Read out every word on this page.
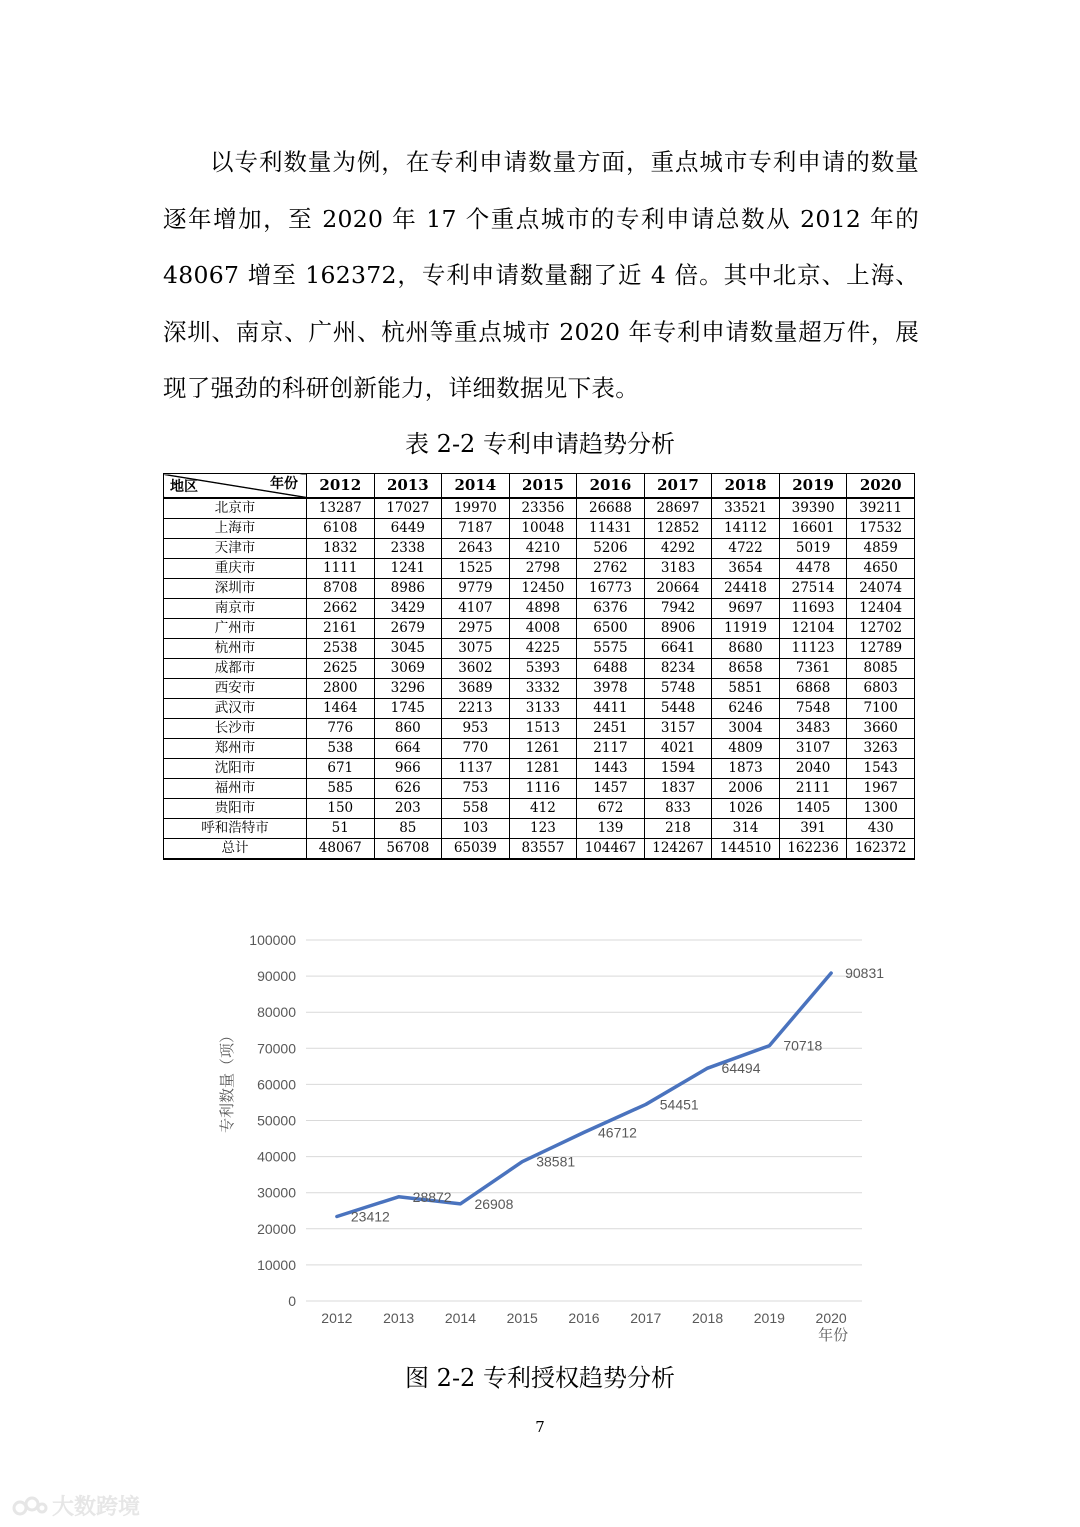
以专利数量为例，在专利申请数量方面，重点城市专利申请的数量逐年增加，至 2020 年 17 个重点城市的专利申请总数从 2012 年的 48067 增至 162372，专利申请数量翻了近 4 倍。其中北京、上海、深圳、南京、广州、杭州等重点城市 2020 年专利申请数量超万件，展现了强劲的科研创新能力，详细数据见下表。

表 2-2 专利申请趋势分析

地区 年份	2012	2013	2014	2015	2016	2017	2018	2019	2020
北京市	13287	17027	19970	23356	26688	28697	33521	39390	39211
上海市	6108	6449	7187	10048	11431	12852	14112	16601	17532
天津市	1832	2338	2643	4210	5206	4292	4722	5019	4859
重庆市	1111	1241	1525	2798	2762	3183	3654	4478	4650
深圳市	8708	8986	9779	12450	16773	20664	24418	27514	24074
南京市	2662	3429	4107	4898	6376	7942	9697	11693	12404
广州市	2161	2679	2975	4008	6500	8906	11919	12104	12702
杭州市	2538	3045	3075	4225	5575	6641	8680	11123	12789
成都市	2625	3069	3602	5393	6488	8234	8658	7361	8085
西安市	2800	3296	3689	3332	3978	5748	5851	6868	6803
武汉市	1464	1745	2213	3133	4411	5448	6246	7548	7100
长沙市	776	860	953	1513	2451	3157	3004	3483	3660
郑州市	538	664	770	1261	2117	4021	4809	3107	3263
沈阳市	671	966	1137	1281	1443	1594	1873	2040	1543
福州市	585	626	753	1116	1457	1837	2006	2111	1967
贵阳市	150	203	558	412	672	833	1026	1405	1300
呼和浩特市	51	85	103	123	139	218	314	391	430
总计	48067	56708	65039	83557	104467	124267	144510	162236	162372
0
10000
20000
30000
40000
50000
60000
70000
80000
90000
100000
2012 2013 2014 2015 2016 2017 2018 2019 2020
年份
专利数量（项）
23412
28872 26908
38581
46712
54451
64494
70718
90831

图 2-2 专利授权趋势分析

7

大数跨境
